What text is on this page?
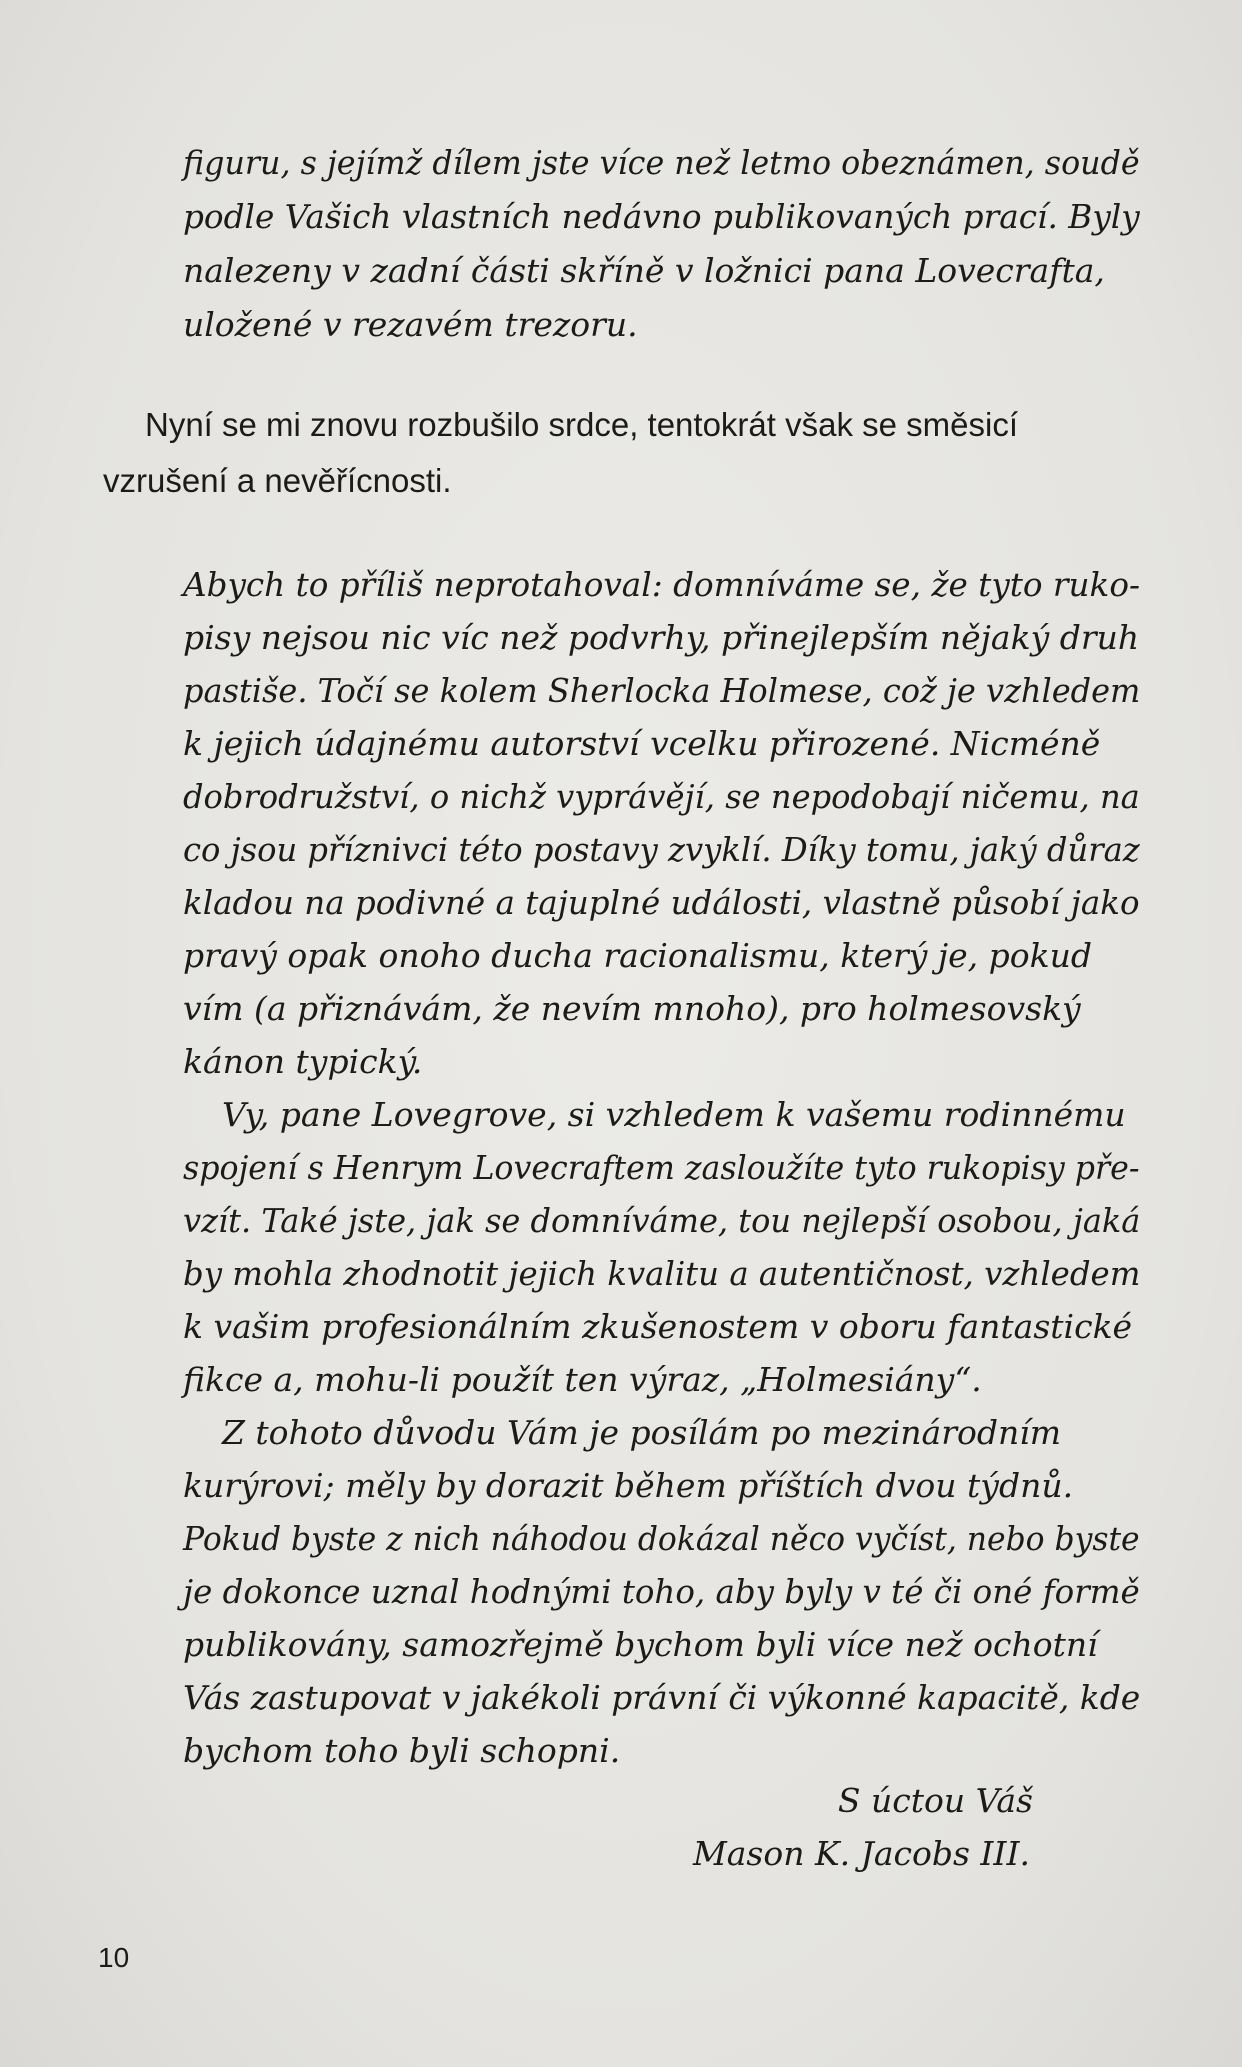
figuru, s jejímž dílem jste více než letmo obeznámen, soudě

podle Vašich vlastních nedávno publikovaných prací. Byly

nalezeny v zadní části skříně v ložnici pana Lovecrafta,

uložené v rezavém trezoru.

Nyní se mi znovu rozbušilo srdce, tentokrát však se směsicí

vzrušení a nevěřícnosti.

Abych to příliš neprotahoval: domníváme se, že tyto ruko-

pisy nejsou nic víc než podvrhy, přinejlepším nějaký druh

pastiše. Točí se kolem Sherlocka Holmese, což je vzhledem

k jejich údajnému autorství vcelku přirozené. Nicméně

dobrodružství, o nichž vyprávějí, se nepodobají ničemu, na

co jsou příznivci této postavy zvyklí. Díky tomu, jaký důraz

kladou na podivné a tajuplné události, vlastně působí jako

pravý opak onoho ducha racionalismu, který je, pokud

vím (a přiznávám, že nevím mnoho), pro holmesovský

kánon typický.

Vy, pane Lovegrove, si vzhledem k vašemu rodinnému

spojení s Henrym Lovecraftem zasloužíte tyto rukopisy pře-

vzít. Také jste, jak se domníváme, tou nejlepší osobou, jaká

by mohla zhodnotit jejich kvalitu a autentičnost, vzhledem

k vašim profesionálním zkušenostem v oboru fantastické

fikce a, mohu-li použít ten výraz, „Holmesiány“.

Z tohoto důvodu Vám je posílám po mezinárodním

kurýrovi; měly by dorazit během příštích dvou týdnů.

Pokud byste z nich náhodou dokázal něco vyčíst, nebo byste

je dokonce uznal hodnými toho, aby byly v té či oné formě

publikovány, samozřejmě bychom byli více než ochotní

Vás zastupovat v jakékoli právní či výkonné kapacitě, kde

bychom toho byli schopni.

S úctou Váš

Mason K. Jacobs III.

10
